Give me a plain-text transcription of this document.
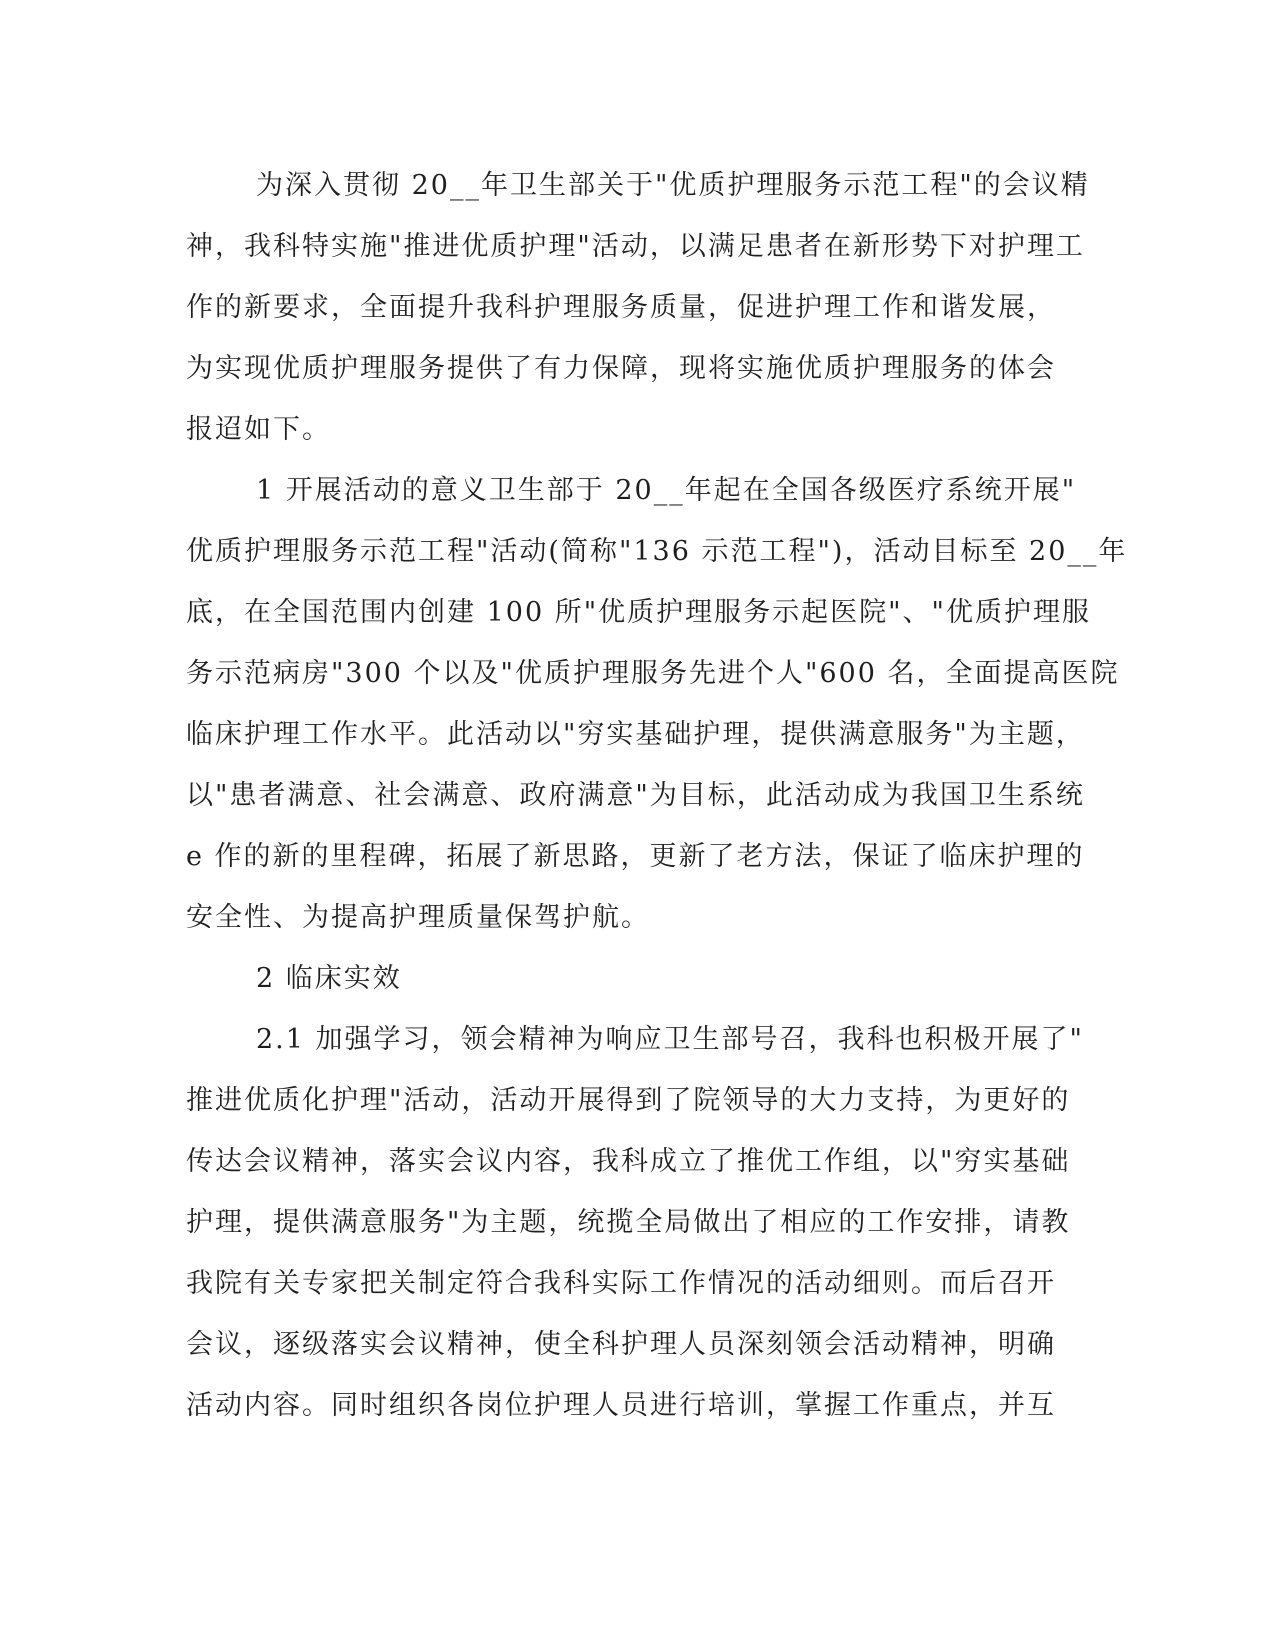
为深入贯彻 20__年卫生部关于"优质护理服务示范工程"的会议精
神，我科特实施"推进优质护理"活动，以满足患者在新形势下对护理工
作的新要求，全面提升我科护理服务质量，促进护理工作和谐发展，
为实现优质护理服务提供了有力保障，现将实施优质护理服务的体会
报迢如下。
1 开展活动的意义卫生部于 20__年起在全国各级医疗系统开展"
优质护理服务示范工程"活动(简称"136 示范工程")，活动目标至 20__年
底，在全国范围内创建 100 所"优质护理服务示起医院"、"优质护理服
务示范病房"300 个以及"优质护理服务先进个人"600 名，全面提高医院
临床护理工作水平。此活动以"穷实基础护理，提供满意服务"为主题，
以"患者满意、社会满意、政府满意"为目标，此活动成为我国卫生系统
e 作的新的里程碑，拓展了新思路，更新了老方法，保证了临床护理的
安全性、为提高护理质量保驾护航。
2 临床实效
2.1 加强学习，领会精神为响应卫生部号召，我科也积极开展了"
推进优质化护理"活动，活动开展得到了院领导的大力支持，为更好的
传达会议精神，落实会议内容，我科成立了推优工作组，以"穷实基础
护理，提供满意服务"为主题，统揽全局做出了相应的工作安排，请教
我院有关专家把关制定符合我科实际工作情况的活动细则。而后召开
会议，逐级落实会议精神，使全科护理人员深刻领会活动精神，明确
活动内容。同时组织各岗位护理人员进行培训，掌握工作重点，并互
